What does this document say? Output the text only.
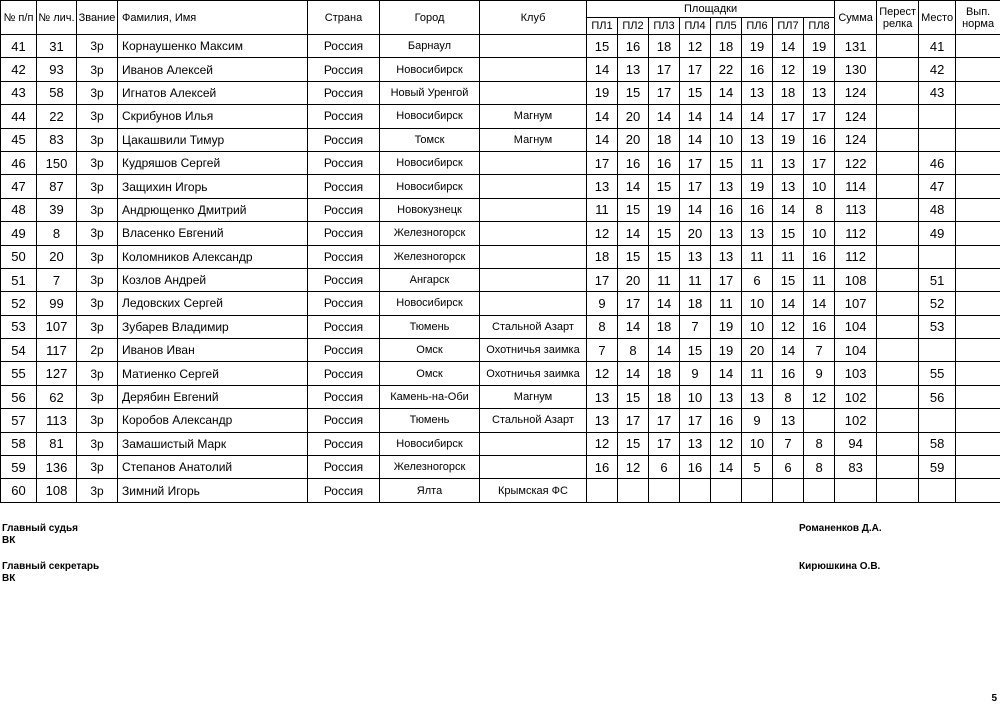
№ п/п	№ лич.	Звание	Фамилия, Имя	Страна	Город	Клуб	Площадки								Сумма	Перестрелка	Место	Вып. норма
							ПЛ1	ПЛ2	ПЛ3	ПЛ4	ПЛ5	ПЛ6	ПЛ7	ПЛ8				
41	31	3р	Корнаушенко Максим	Россия	Барнаул		15	16	18	12	18	19	14	19	131		41	
42	93	3р	Иванов Алексей	Россия	Новосибирск		14	13	17	17	22	16	12	19	130		42	
43	58	3р	Игнатов Алексей	Россия	Новый Уренгой		19	15	17	15	14	13	18	13	124		43	
44	22	3р	Скрибунов Илья	Россия	Новосибирск	Магнум	14	20	14	14	14	14	17	17	124			
45	83	3р	Цакашвили Тимур	Россия	Томск	Магнум	14	20	18	14	10	13	19	16	124			
46	150	3р	Кудряшов Сергей	Россия	Новосибирск		17	16	16	17	15	11	13	17	122		46	
47	87	3р	Защихин Игорь	Россия	Новосибирск		13	14	15	17	13	19	13	10	114		47	
48	39	3р	Андрющенко Дмитрий	Россия	Новокузнецк		11	15	19	14	16	16	14	8	113		48	
49	8	3р	Власенко Евгений	Россия	Железногорск		12	14	15	20	13	13	15	10	112		49	
50	20	3р	Коломников Александр	Россия	Железногорск		18	15	15	13	13	11	11	16	112			
51	7	3р	Козлов Андрей	Россия	Ангарск		17	20	11	11	17	6	15	11	108		51	
52	99	3р	Ледовских Сергей	Россия	Новосибирск		9	17	14	18	11	10	14	14	107		52	
53	107	3р	Зубарев Владимир	Россия	Тюмень	Стальной Азарт	8	14	18	7	19	10	12	16	104		53	
54	117	2р	Иванов Иван	Россия	Омск	Охотничья заимка	7	8	14	15	19	20	14	7	104			
55	127	3р	Матиенко Сергей	Россия	Омск	Охотничья заимка	12	14	18	9	14	11	16	9	103		55	
56	62	3р	Дерябин Евгений	Россия	Камень-на-Оби	Магнум	13	15	18	10	13	13	8	12	102		56	
57	113	3р	Коробов Александр	Россия	Тюмень	Стальной Азарт	13	17	17	17	16	9	13		102			
58	81	3р	Замашистый Марк	Россия	Новосибирск		12	15	17	13	12	10	7	8	94		58	
59	136	3р	Степанов Анатолий	Россия	Железногорск		16	12	6	16	14	5	6	8	83		59	
60	108	3р	Зимний Игорь	Россия	Ялта	Крымская ФС												
Главный судья
ВК
Романенков Д.А.
Главный секретарь
ВК
Кирюшкина О.В.
5
